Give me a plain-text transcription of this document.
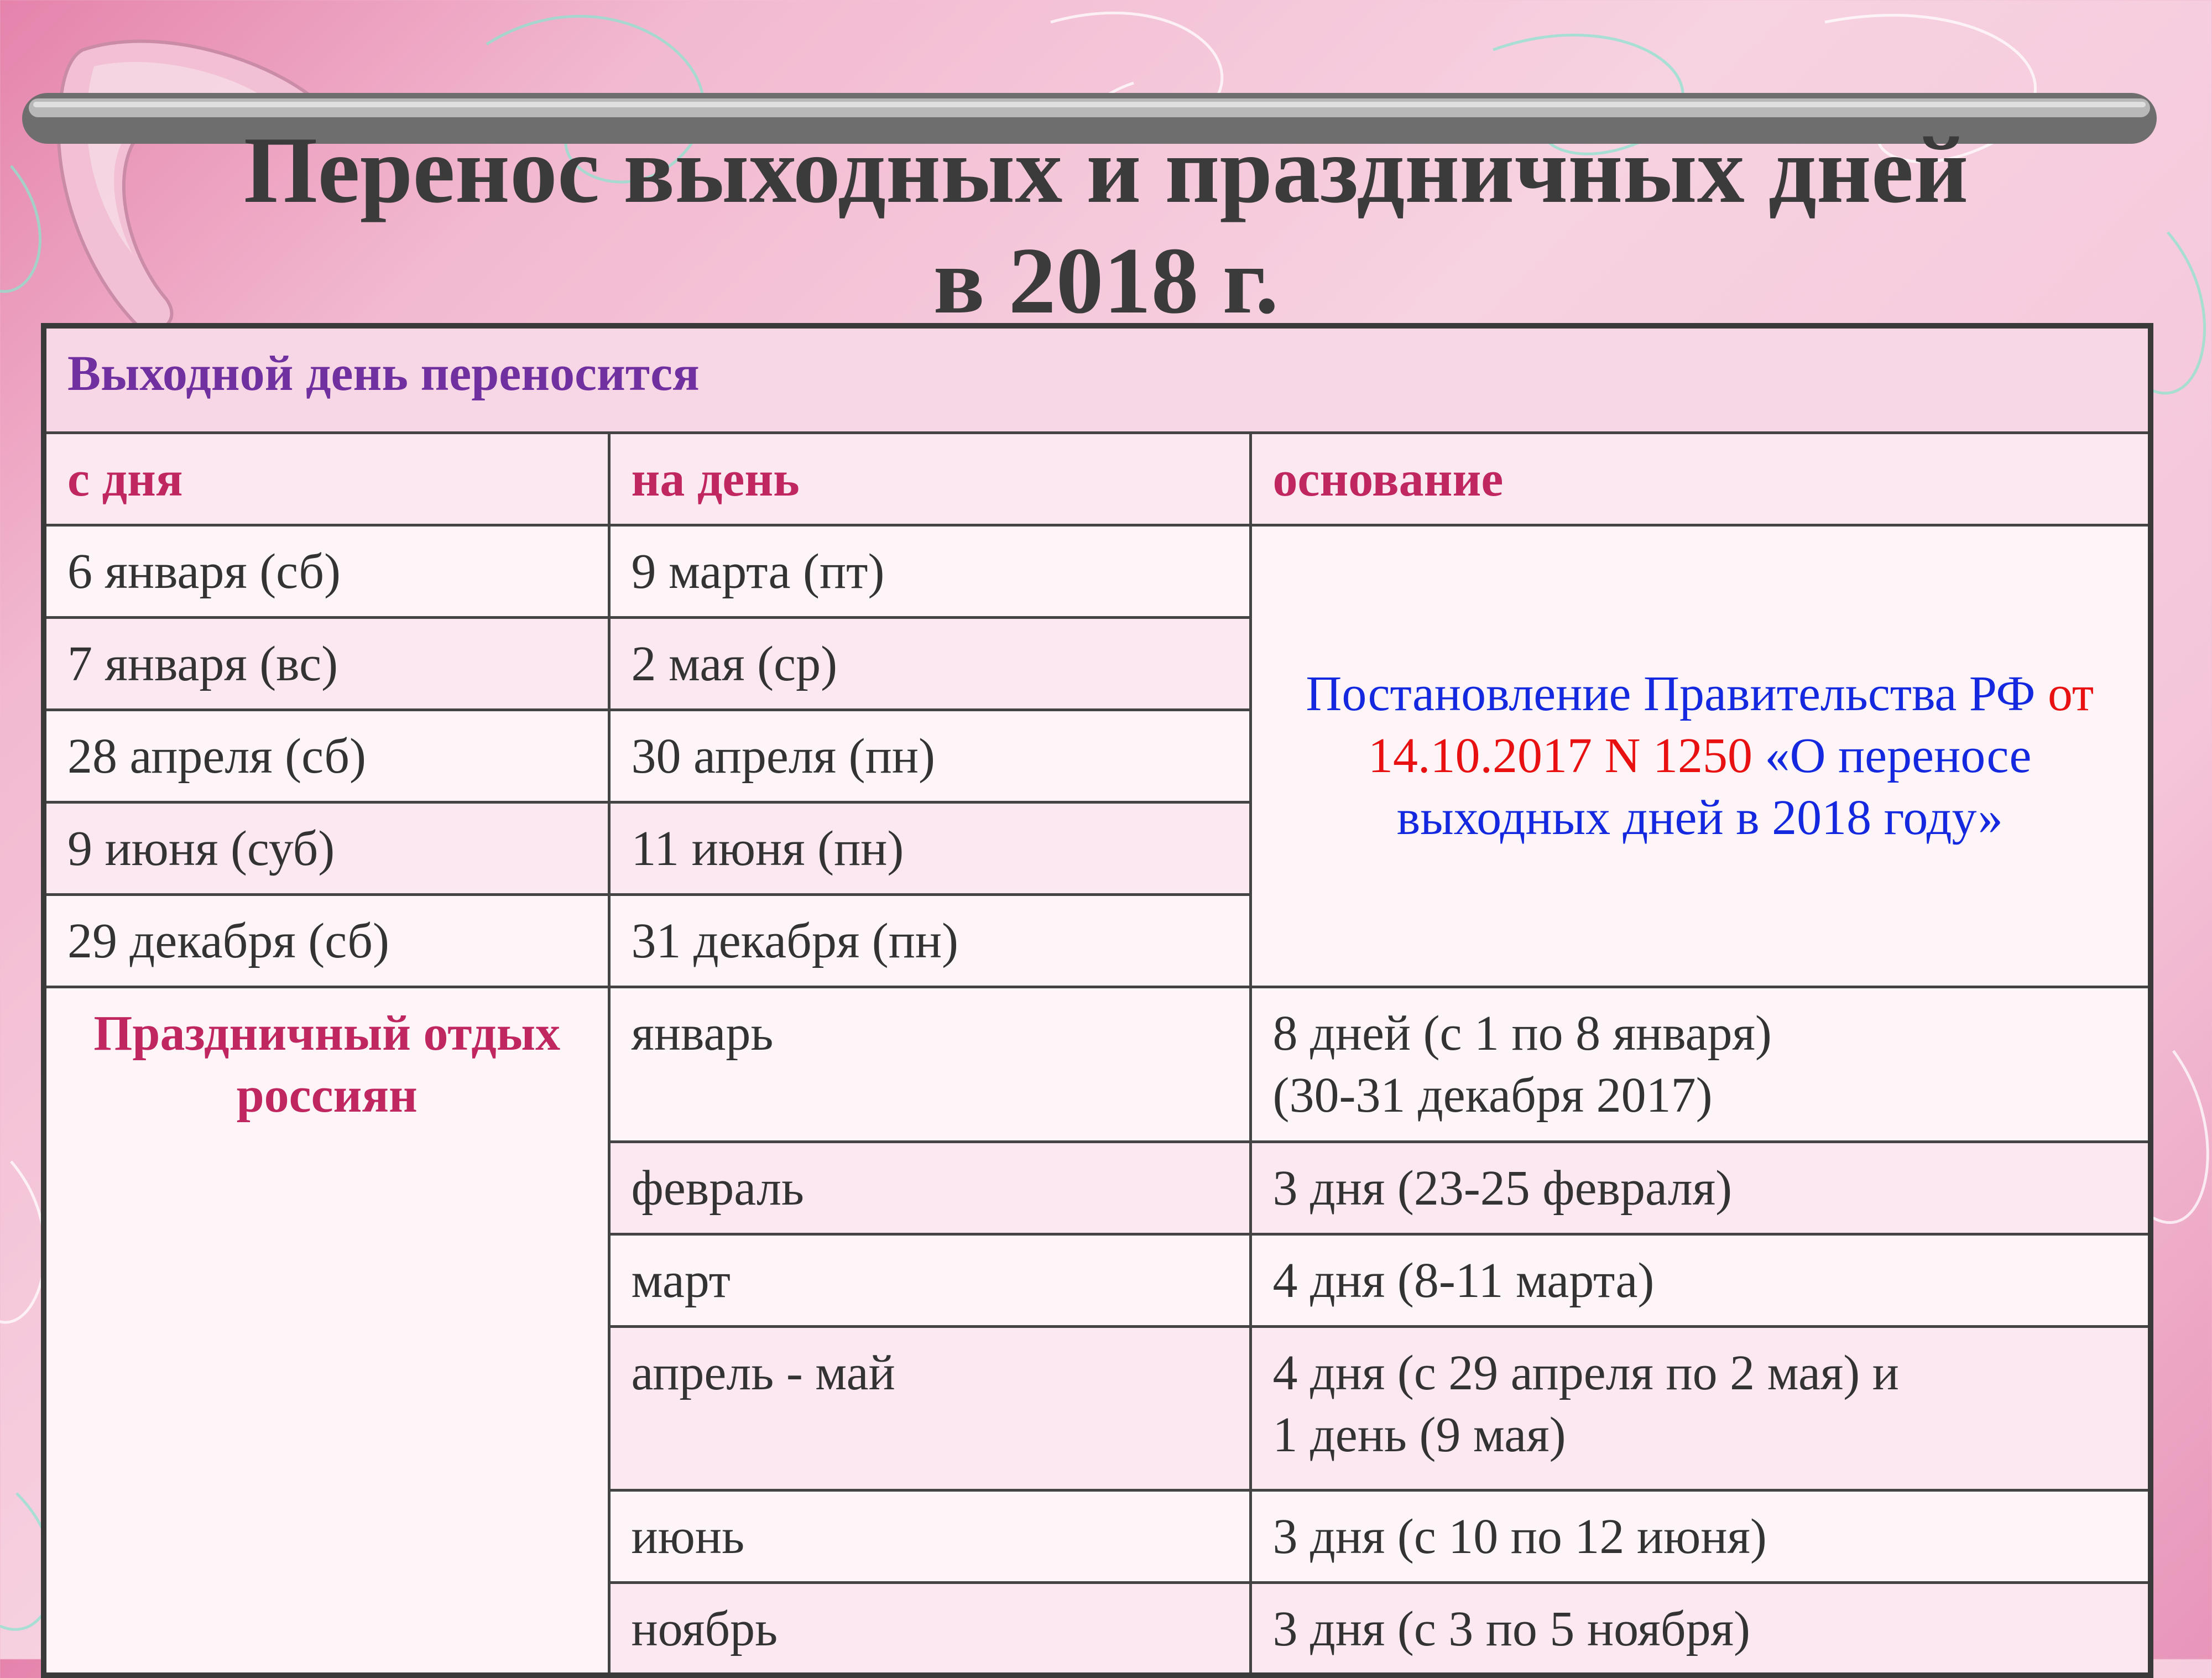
Перенос выходных и праздничных дней
в 2018 г.
Выходной день переносится		
с дня	на день	основание
6 января (сб)	9 марта (пт)	Постановление Правительства РФ от 14.10.2017 N 1250 «О переносе выходных дней в 2018 году»
7 января (вс)	2 мая (ср)	
28 апреля (сб)	30 апреля (пн)	
9 июня (суб)	11 июня (пн)	
29 декабря (сб)	31 декабря (пн)	
Праздничный отдых россиян	январь	8 дней (с 1 по 8 января)
(30-31 декабря 2017)
	февраль	3 дня (23-25 февраля)
	март	4 дня (8-11 марта)
	апрель - май	4 дня (с 29 апреля по 2 мая) и
1 день (9 мая)
	июнь	3 дня (с 10 по 12 июня)
	ноябрь	3 дня (с 3 по 5 ноября)
